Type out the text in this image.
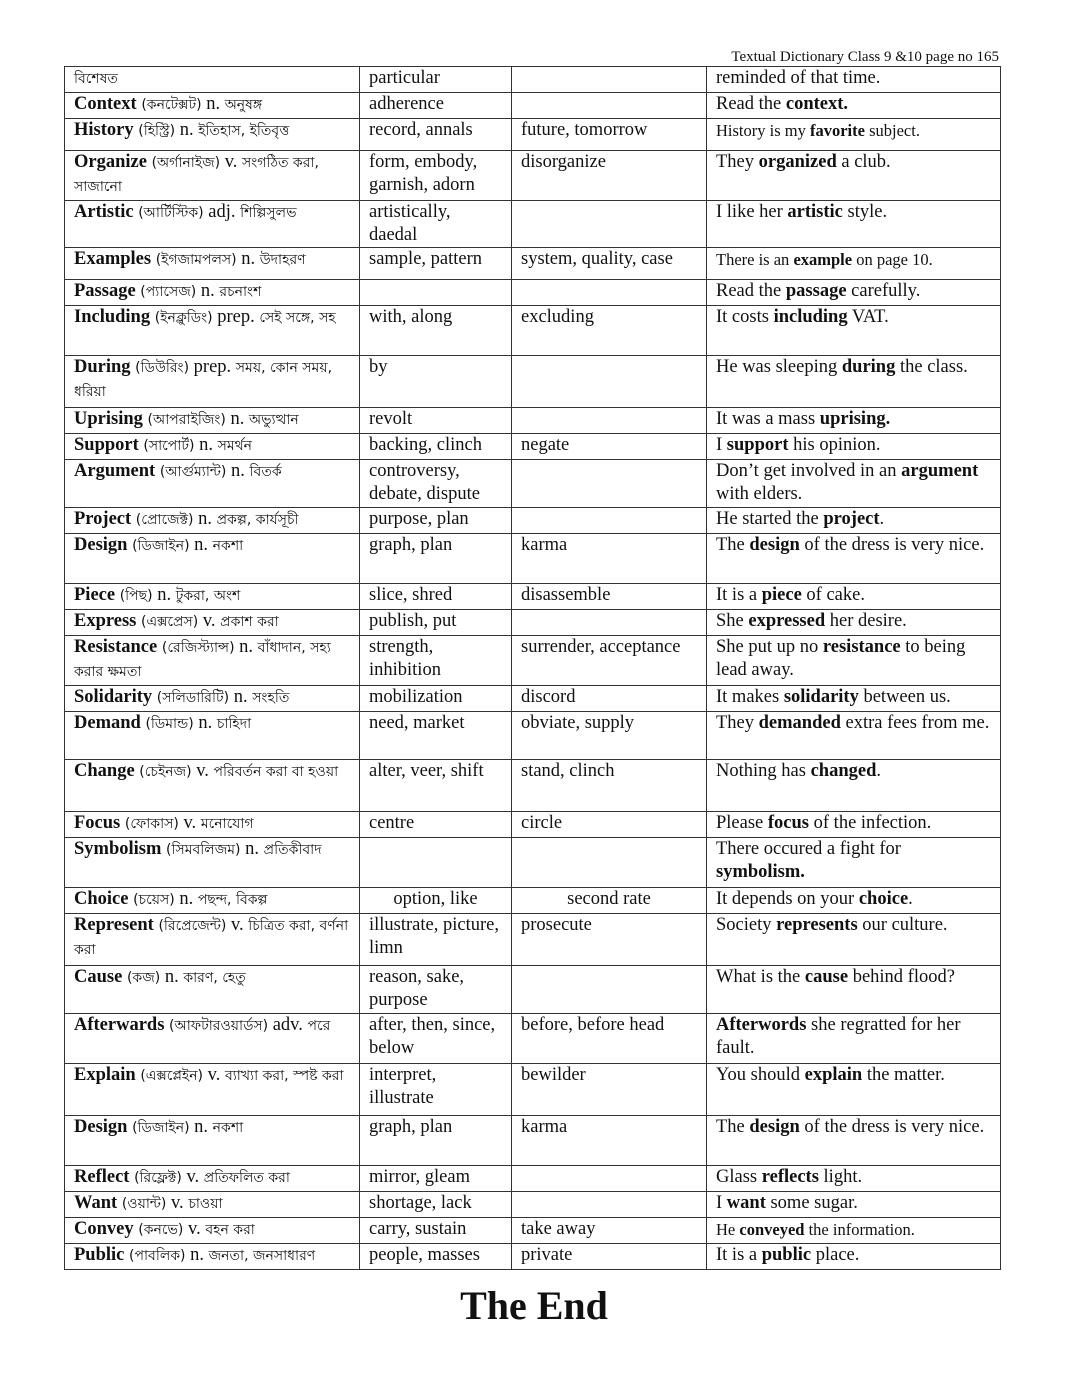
Textual Dictionary Class 9 &10 page no 165
বিশেষত	particular		reminded of that time.
Context (কনটেক্সট) n. অনুষঙ্গ	adherence		Read the context.
History (হিস্ট্রি) n. ইতিহাস, ইতিবৃত্ত	record, annals	future, tomorrow	History is my favorite subject.
Organize (অর্গানাইজ) v. সংগঠিত করা, সাজানো	form, embody, garnish, adorn	disorganize	They organized a club.
Artistic (আর্টিস্টিক) adj. শিল্পিসুলভ	artistically, daedal		I like her artistic style.
Examples (ইগজামপলস) n. উদাহরণ	sample, pattern	system, quality, case	There is an example on page 10.
Passage (প্যাসেজ) n. রচনাংশ			Read the passage carefully.
Including (ইনক্লুডিং) prep. সেই সঙ্গে, সহ	with, along	excluding	It costs including VAT.
During (ডিউরিং) prep. সময়, কোন সময়, ধরিয়া	by		He was sleeping during the class.
Uprising (আপরাইজিং) n. অভ্যুত্থান	revolt		It was a mass uprising.
Support (সাপোর্ট) n. সমর্থন	backing, clinch	negate	I support his opinion.
Argument (আর্গুম্যান্ট) n. বিতর্ক	controversy, debate, dispute		Don’t get involved in an argument with elders.
Project (প্রোজেক্ট) n. প্রকল্প, কার্যসূচী	purpose, plan		He started the project.
Design (ডিজাইন) n. নকশা	graph, plan	karma	The design of the dress is very nice.
Piece (পিছ) n. টুকরা, অংশ	slice, shred	disassemble	It is a piece of cake.
Express (এক্সপ্রেস) v. প্রকাশ করা	publish, put		She expressed her desire.
Resistance (রেজিস্ট্যান্স) n. বাঁধাদান, সহ্য করার ক্ষমতা	strength, inhibition	surrender, acceptance	She put up no resistance to being lead away.
Solidarity (সলিডারিটি) n. সংহতি	mobilization	discord	It makes solidarity between us.
Demand (ডিমান্ড) n. চাহিদা	need, market	obviate, supply	They demanded extra fees from me.
Change (চেইনজ) v. পরিবর্তন করা বা হওয়া	alter, veer, shift	stand, clinch	Nothing has changed.
Focus (ফোকাস) v. মনোযোগ	centre	circle	Please focus of the infection.
Symbolism (সিমবলিজম) n. প্রতিকীবাদ			There occured a fight for symbolism.
Choice (চয়েস) n. পছন্দ, বিকল্প	option, like	second rate	It depends on your choice.
Represent (রিপ্রেজেন্ট) v. চিত্রিত করা, বর্ণনা করা	illustrate, picture, limn	prosecute	Society represents our culture.
Cause (কজ) n. কারণ, হেতু	reason, sake, purpose		What is the cause behind flood?
Afterwards (আফটারওয়ার্ডস) adv. পরে	after, then, since, below	before, before head	Afterwords she regratted for her fault.
Explain (এক্সপ্লেইন) v. ব্যাখ্যা করা, স্পষ্ট করা	interpret, illustrate	bewilder	You should explain the matter.
Design (ডিজাইন) n. নকশা	graph, plan	karma	The design of the dress is very nice.
Reflect (রিফ্লেক্ট) v. প্রতিফলিত করা	mirror, gleam		Glass reflects light.
Want (ওয়ান্ট) v. চাওয়া	shortage, lack		I want some sugar.
Convey (কনভে) v. বহন করা	carry, sustain	take away	He conveyed the information.
Public (পাবলিক) n. জনতা, জনসাধারণ	people, masses	private	It is a public place.
The End
